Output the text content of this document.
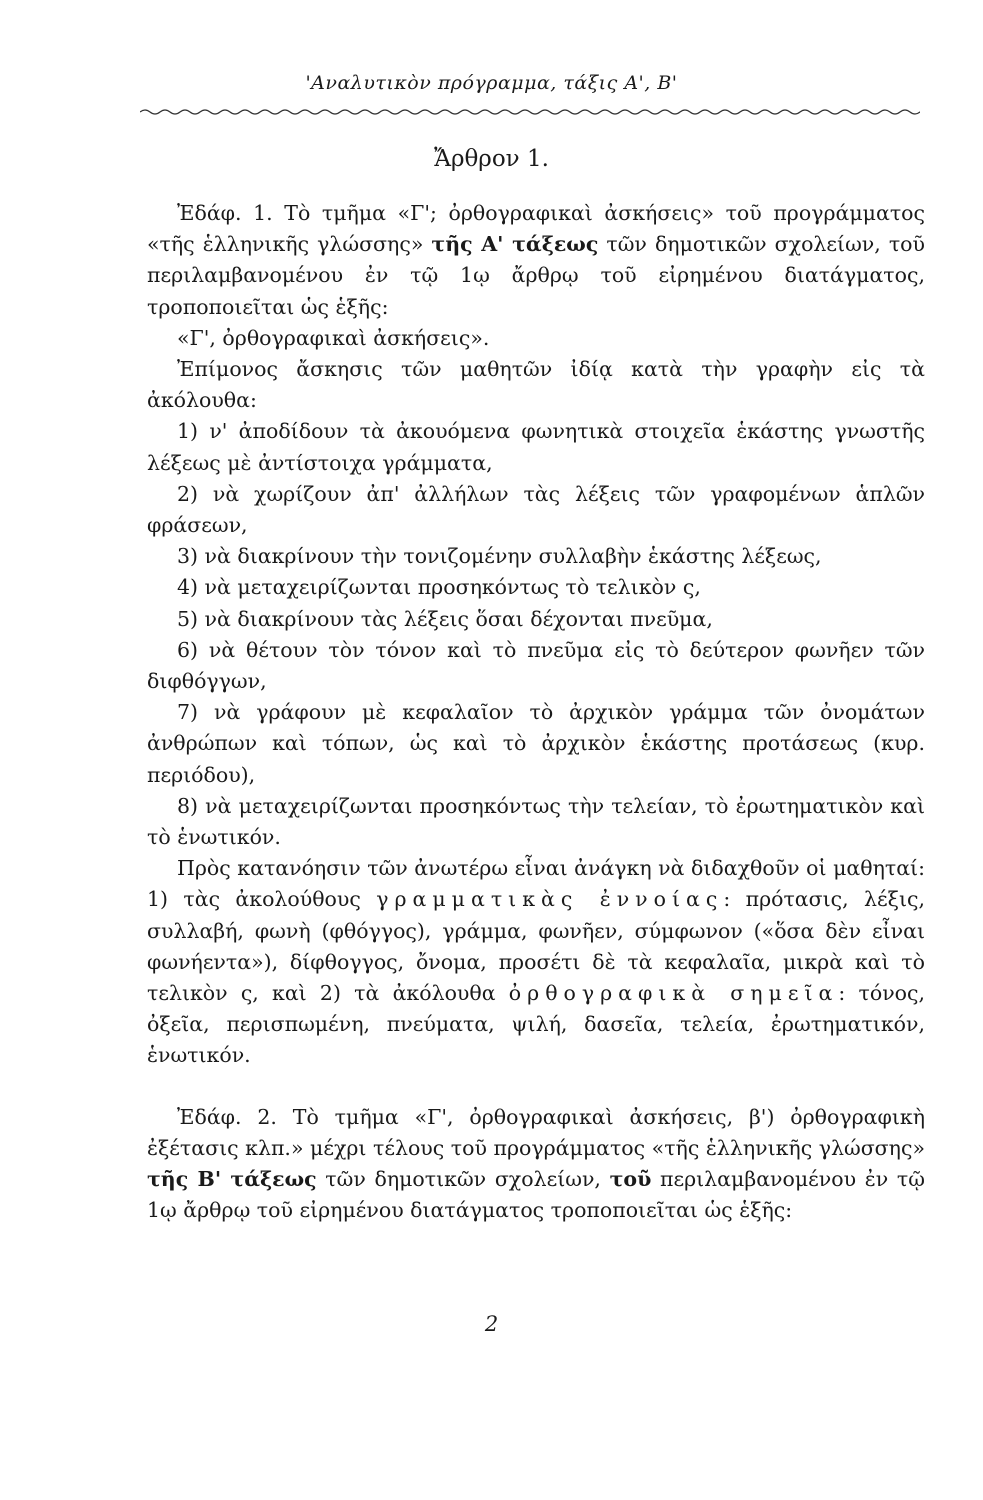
'Αναλυτικὸν πρόγραμμα, τάξις Α', Β'
Ἄρθρον 1.

Ἐδάφ. 1. Τὸ τμῆμα «Γ'; ὀρθογραφικαὶ ἀσκήσεις» τοῦ προγράμματος «τῆς ἑλληνικῆς γλώσσης» τῆς Α' τάξεως τῶν δημοτικῶν σχολείων, τοῦ περιλαμβανομένου ἐν τῷ 1ῳ ἄρθρῳ τοῦ εἰρημένου διατάγματος, τροποποιεῖται ὡς ἑξῆς:

«Γ', ὀρθογραφικαὶ ἀσκήσεις».

Ἐπίμονος ἄσκησις τῶν μαθητῶν ἰδίᾳ κατὰ τὴν γραφὴν εἰς τὰ ἀκόλουθα:

1) ν' ἀποδίδουν τὰ ἀκουόμενα φωνητικὰ στοιχεῖα ἑκάστης γνωστῆς λέξεως μὲ ἀντίστοιχα γράμματα,

2) νὰ χωρίζουν ἀπ' ἀλλήλων τὰς λέξεις τῶν γραφομένων ἁπλῶν φράσεων,

3) νὰ διακρίνουν τὴν τονιζομένην συλλαβὴν ἑκάστης λέξεως,

4) νὰ μεταχειρίζωνται προσηκόντως τὸ τελικὸν ς,

5) νὰ διακρίνουν τὰς λέξεις ὅσαι δέχονται πνεῦμα,

6) νὰ θέτουν τὸν τόνον καὶ τὸ πνεῦμα εἰς τὸ δεύτερον φωνῆεν τῶν διφθόγγων,

7) νὰ γράφουν μὲ κεφαλαῖον τὸ ἀρχικὸν γράμμα τῶν ὀνομάτων ἀνθρώπων καὶ τόπων, ὡς καὶ τὸ ἀρχικὸν ἑκάστης προτάσεως (κυρ. περιόδου),

8) νὰ μεταχειρίζωνται προσηκόντως τὴν τελείαν, τὸ ἐρωτηματικὸν καὶ τὸ ἑνωτικόν.

Πρὸς κατανόησιν τῶν ἀνωτέρω εἶναι ἀνάγκη νὰ διδαχθοῦν οἱ μαθηταί: 1) τὰς ἀκολούθους γραμματικὰς ἐννοίας: πρότασις, λέξις, συλλαβή, φωνὴ (φθόγγος), γράμμα, φωνῆεν, σύμφωνον («ὅσα δὲν εἶναι φωνήεντα»), δίφθογγος, ὄνομα, προσέτι δὲ τὰ κεφαλαῖα, μικρὰ καὶ τὸ τελικὸν ς, καὶ 2) τὰ ἀκόλουθα ὀρθογραφικὰ σημεῖα: τόνος, ὀξεῖα, περισπωμένη, πνεύματα, ψιλή, δασεῖα, τελεία, ἐρωτηματικόν, ἑνωτικόν.

Ἐδάφ. 2. Τὸ τμῆμα «Γ', ὀρθογραφικαὶ ἀσκήσεις, β') ὀρθογραφικὴ ἐξέτασις κλπ.» μέχρι τέλους τοῦ προγράμματος «τῆς ἑλληνικῆς γλώσσης» τῆς Β' τάξεως τῶν δημοτικῶν σχολείων, τοῦ περιλαμβανομένου ἐν τῷ 1ῳ ἄρθρῳ τοῦ εἰρημένου διατάγματος τροποποιεῖται ὡς ἑξῆς:

2
